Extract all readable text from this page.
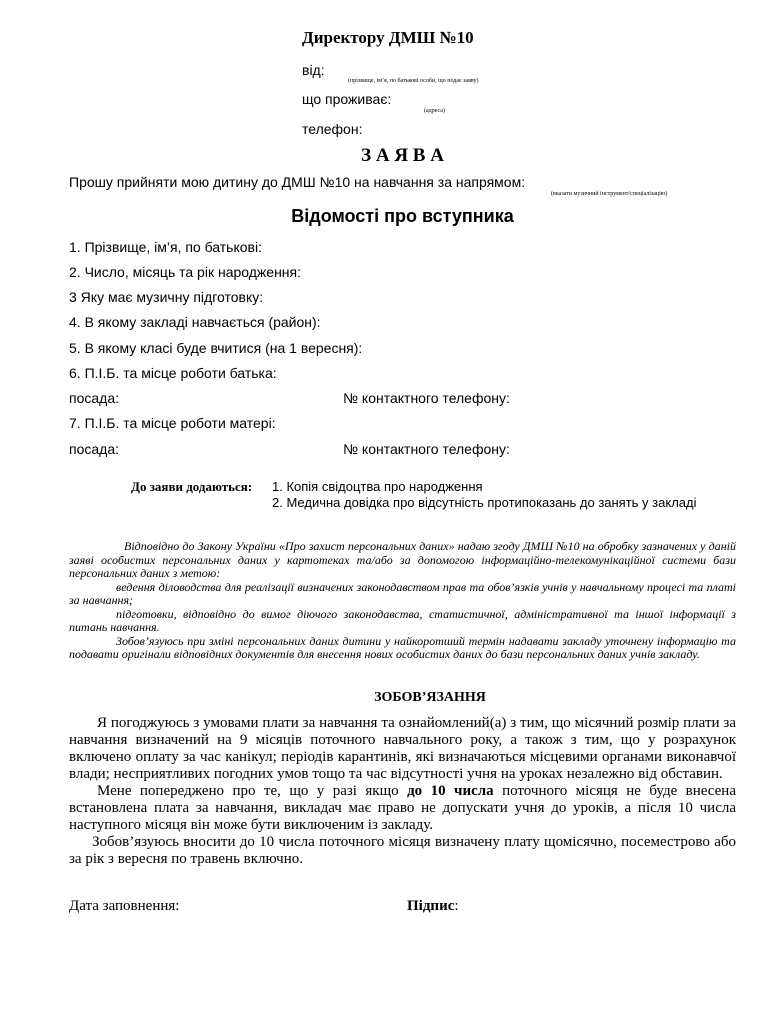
Директору ДМШ №10
від:
(прізвище, ім’я, по батькові особи, що подає заяву)
що проживає:
(адреса)
телефон:
З А Я В А
Прошу прийняти мою дитину до ДМШ №10 на навчання за напрямом:
(вказати музичний інструмент/спеціалізацію)
Відомості про вступника
1. Прізвище, ім’я, по батькові:
2. Число, місяць та рік народження:
3 Яку має музичну підготовку:
4. В якому закладі навчається (район):
5. В якому класі буде вчитися (на 1 вересня):
6. П.І.Б. та місце роботи батька:
посада:	№ контактного телефону:
7. П.І.Б. та місце роботи матері:
посада:	№ контактного телефону:
До заяви додаються: 1. Копія свідоцтва про народження
2. Медична довідка про відсутність протипоказань до занять у закладі

Відповідно до Закону України «Про захист персональних даних» надаю згоду ДМШ №10 на обробку зазначених у даній заяві особистих персональних даних у картотеках та/або за допомогою інформаційно-телекомунікаційної системи бази персональних даних з метою:

ведення діловодства для реалізації визначених законодавством прав та обов’язків учнів у навчальному процесі та платі за навчання;

підготовки, відповідно до вимог діючого законодавства, статистичної, адміністративної та іншої інформації з питань навчання.

Зобов’язуюсь при зміні персональних даних дитини у найкоротший термін надавати закладу уточнену інформацію та подавати оригінали відповідних документів для внесення нових особистих даних до бази персональних даних учнів закладу.

ЗОБОВ’ЯЗАННЯ

Я погоджуюсь з умовами плати за навчання та ознайомлений(а) з тим, що місячний розмір плати за навчання визначений на 9 місяців поточного навчального року, а також з тим, що у розрахунок включено оплату за час канікул; періодів карантинів, які визначаються місцевими органами виконавчої влади; несприятливих погодних умов тощо та час відсутності учня на уроках незалежно від обставин.

Мене попереджено про те, що у разі якщо до 10 числа поточного місяця не буде внесена встановлена плата за навчання, викладач має право не допускати учня до уроків, а після 10 числа наступного місяця він може бути виключеним із закладу.

Зобов’язуюсь вносити до 10 числа поточного місяця визначену плату щомісячно, посеместрово або за рік з вересня по травень включно.

Дата заповнення:	Підпис:
